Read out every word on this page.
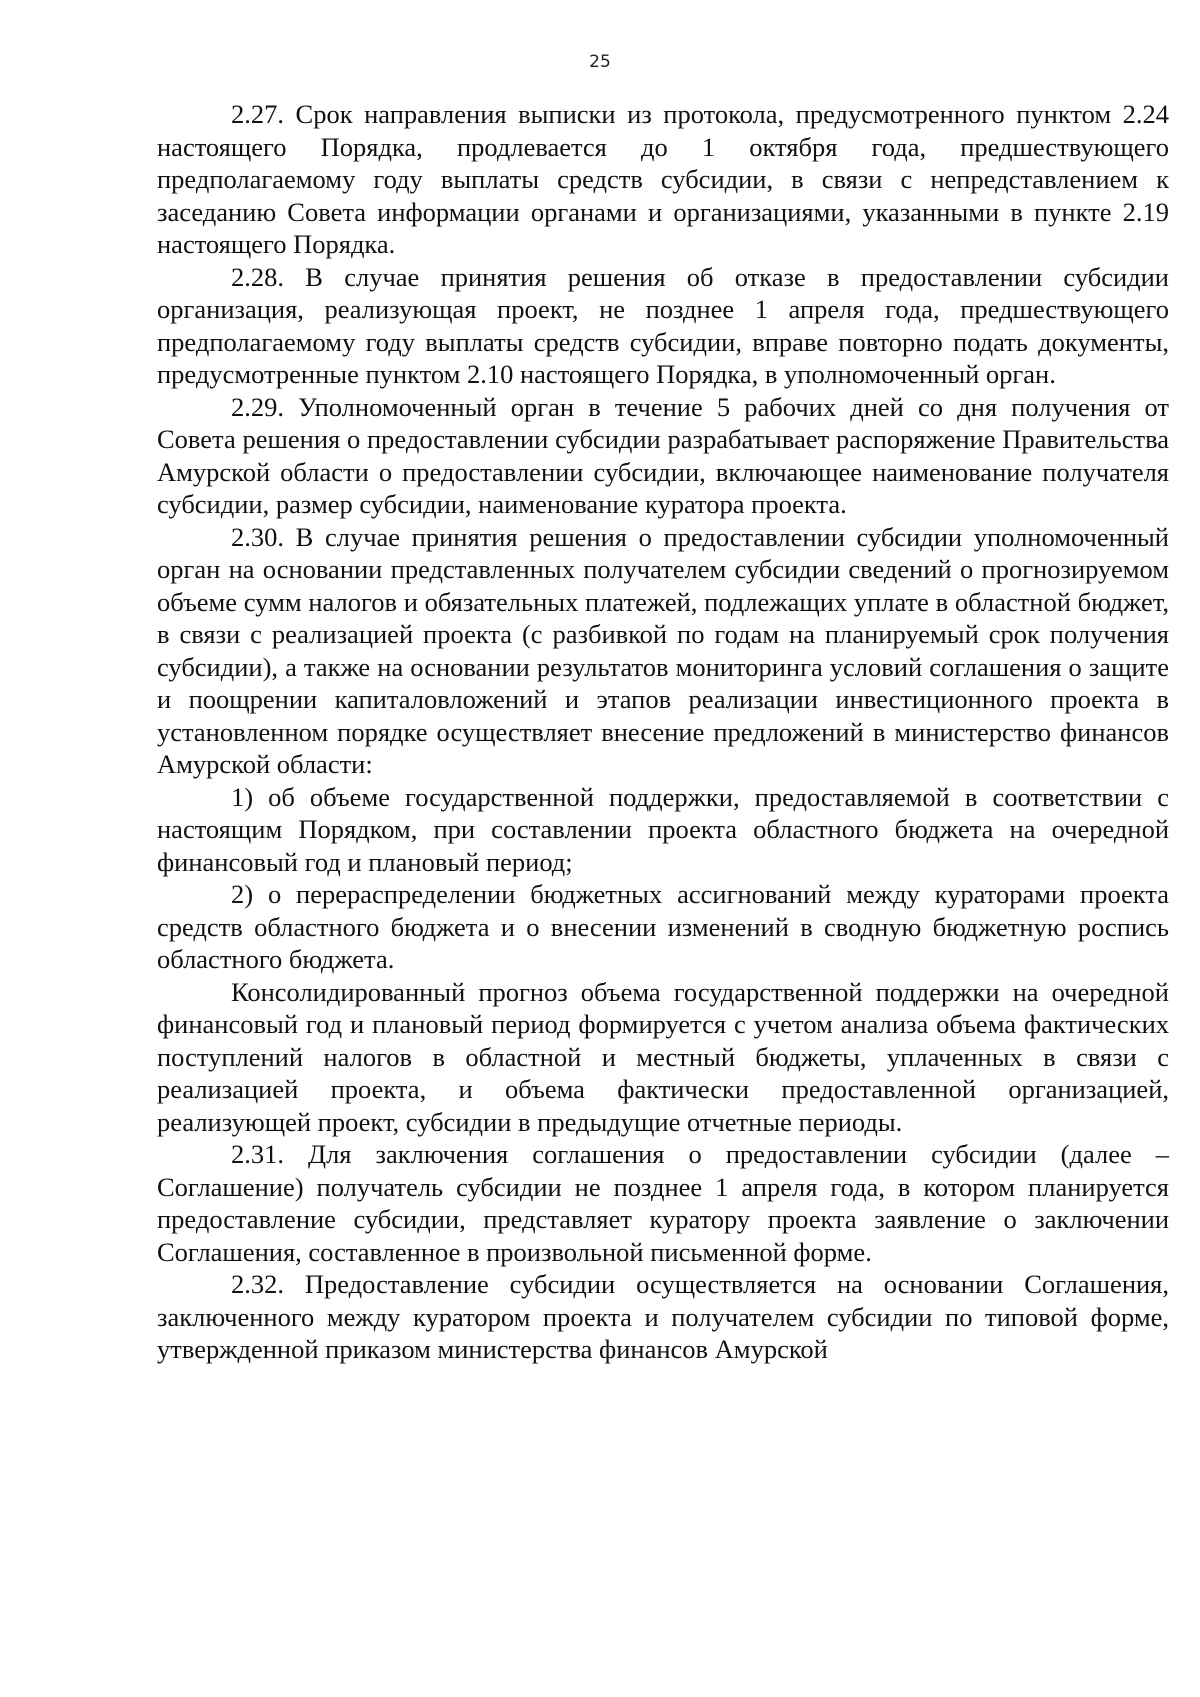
25

2.27. Срок направления выписки из протокола, предусмотренного пунктом 2.24 настоящего Порядка, продлевается до 1 октября года, предшествующего предполагаемому году выплаты средств субсидии, в связи с непредставлением к заседанию Совета информации органами и организациями, указанными в пункте 2.19 настоящего Порядка.

2.28. В случае принятия решения об отказе в предоставлении субсидии организация, реализующая проект, не позднее 1 апреля года, предшествующего предполагаемому году выплаты средств субсидии, вправе повторно подать документы, предусмотренные пунктом 2.10 настоящего Порядка, в уполномоченный орган.

2.29. Уполномоченный орган в течение 5 рабочих дней со дня получения от Совета решения о предоставлении субсидии разрабатывает распоряжение Правительства Амурской области о предоставлении субсидии, включающее наименование получателя субсидии, размер субсидии, наименование куратора проекта.

2.30. В случае принятия решения о предоставлении субсидии уполномоченный орган на основании представленных получателем субсидии сведений о прогнозируемом объеме сумм налогов и обязательных платежей, подлежащих уплате в областной бюджет, в связи с реализацией проекта (с разбивкой по годам на планируемый срок получения субсидии), а также на основании результатов мониторинга условий соглашения о защите и поощрении капиталовложений и этапов реализации инвестиционного проекта в установленном порядке осуществляет внесение предложений в министерство финансов Амурской области:

1) об объеме государственной поддержки, предоставляемой в соответствии с настоящим Порядком, при составлении проекта областного бюджета на очередной финансовый год и плановый период;

2) о перераспределении бюджетных ассигнований между кураторами проекта средств областного бюджета и о внесении изменений в сводную бюджетную роспись областного бюджета.

Консолидированный прогноз объема государственной поддержки на очередной финансовый год и плановый период формируется с учетом анализа объема фактических поступлений налогов в областной и местный бюджеты, уплаченных в связи с реализацией проекта, и объема фактически предоставленной организацией, реализующей проект, субсидии в предыдущие отчетные периоды.

2.31. Для заключения соглашения о предоставлении субсидии (далее – Соглашение) получатель субсидии не позднее 1 апреля года, в котором планируется предоставление субсидии, представляет куратору проекта заявление о заключении Соглашения, составленное в произвольной письменной форме.

2.32. Предоставление субсидии осуществляется на основании Соглашения, заключенного между куратором проекта и получателем субсидии по типовой форме, утвержденной приказом министерства финансов Амурской
